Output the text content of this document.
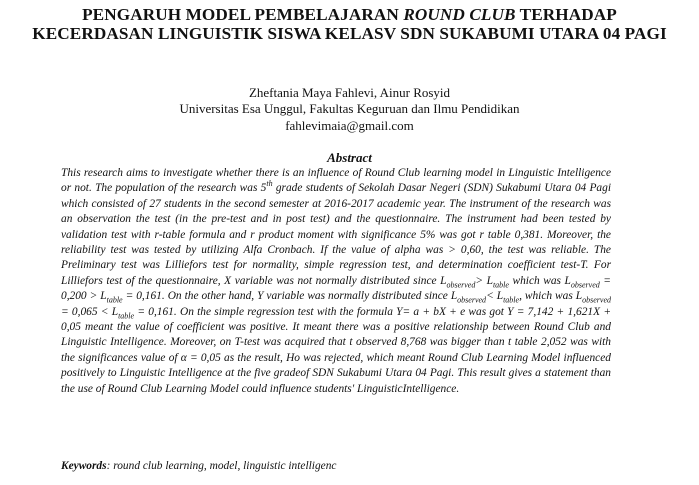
PENGARUH MODEL PEMBELAJARAN ROUND CLUB TERHADAP KECERDASAN LINGUISTIK SISWA KELASV SDN SUKABUMI UTARA 04 PAGI
Zheftania Maya Fahlevi, Ainur Rosyid
Universitas Esa Unggul, Fakultas Keguruan dan Ilmu Pendidikan
fahlevimaia@gmail.com
Abstract
This research aims to investigate whether there is an influence of Round Club learning model in Linguistic Intelligence or not. The population of the research was 5th grade students of Sekolah Dasar Negeri (SDN) Sukabumi Utara 04 Pagi which consisted of 27 students in the second semester at 2016-2017 academic year. The instrument of the research was an observation the test (in the pre-test and in post test) and the questionnaire. The instrument had been tested by validation test with r-table formula and r product moment with significance 5% was got r table 0,381. Moreover, the reliability test was tested by utilizing Alfa Cronbach. If the value of alpha was > 0,60, the test was reliable. The Preliminary test was Lilliefors test for normality, simple regression test, and determination coefficient test-T. For Lilliefors test of the questionnaire, X variable was not normally distributed since $L_{observed}> L_{table}$ which was $L_{observed} = 0,200 > L_{table} = 0,161$. On the other hand, Y variable was normally distributed since $L_{observed}< L_{table}$, which was $L_{observed} = 0,065 < L_{table} = 0,161$. On the simple regression test with the formula Y= a + bX + e was got Y = 7,142 + 1,621X + 0,05 meant the value of coefficient was positive. It meant there was a positive relationship between Round Club and Linguistic Intelligence. Moreover, on T-test was acquired that t observed 8,768 was bigger than t table 2,052 was with the significances value of α = 0,05 as the result, Ho was rejected, which meant Round Club Learning Model influenced positively to Linguistic Intelligence at the five gradeof SDN Sukabumi Utara 04 Pagi. This result gives a statement than the use of Round Club Learning Model could influence students' LinguisticIntelligence.
Keywords: round club learning, model, linguistic intelligenc
